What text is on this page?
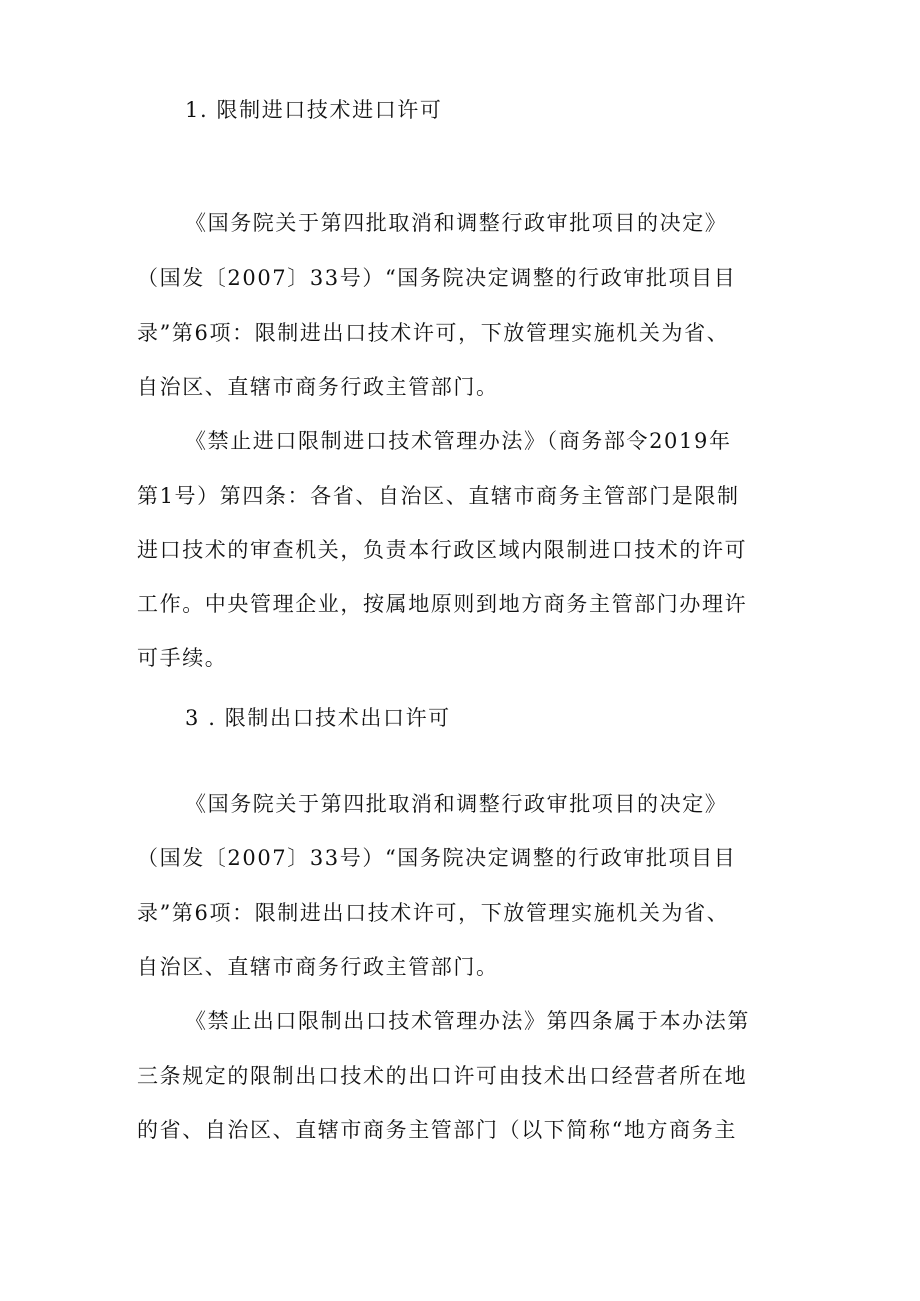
1. 限制进口技术进口许可
《国务院关于第四批取消和调整行政审批项目的决定》
（国发〔2007〕33号）“国务院决定调整的行政审批项目目
录”第6项：限制进出口技术许可，下放管理实施机关为省、
自治区、直辖市商务行政主管部门。
《禁止进口限制进口技术管理办法》（商务部令2019年
第1号）第四条：各省、自治区、直辖市商务主管部门是限制
进口技术的审查机关，负责本行政区域内限制进口技术的许可
工作。中央管理企业，按属地原则到地方商务主管部门办理许
可手续。
3 . 限制出口技术出口许可
《国务院关于第四批取消和调整行政审批项目的决定》
（国发〔2007〕33号）“国务院决定调整的行政审批项目目
录”第6项：限制进出口技术许可，下放管理实施机关为省、
自治区、直辖市商务行政主管部门。
《禁止出口限制出口技术管理办法》第四条属于本办法第
三条规定的限制出口技术的出口许可由技术出口经营者所在地
的省、自治区、直辖市商务主管部门（以下简称“地方商务主
